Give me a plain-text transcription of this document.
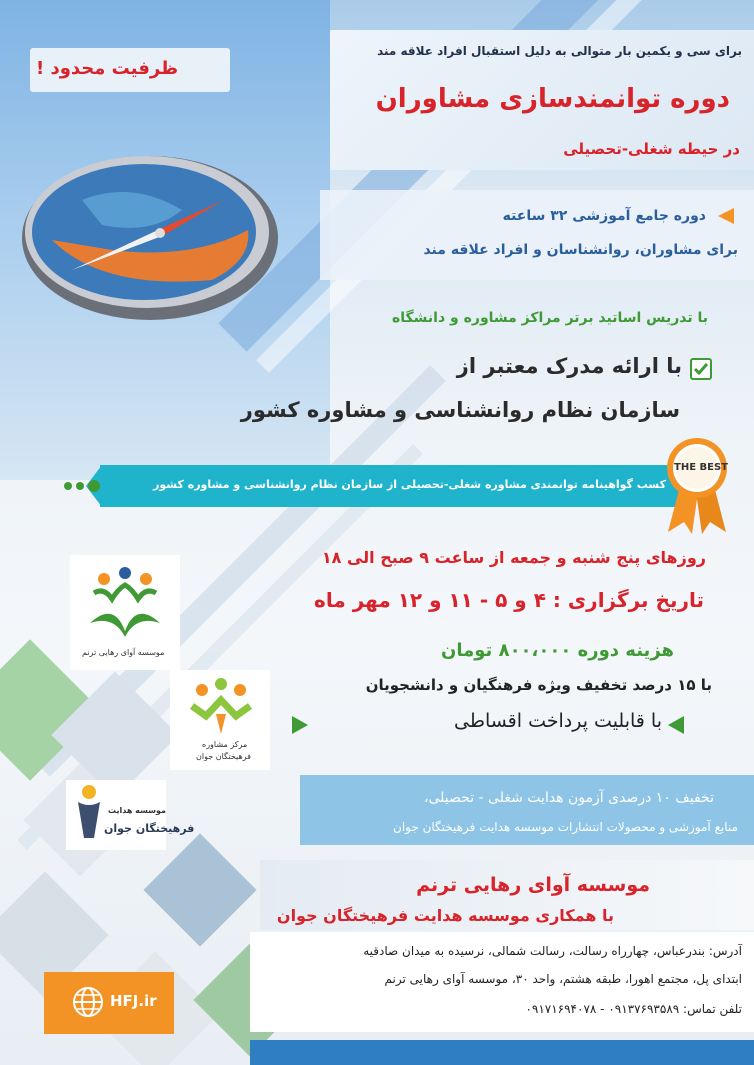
برای سی و یکمین بار متوالی به دلیل استقبال افراد علاقه مند
دوره توانمندسازی مشاوران
در حیطه شغلی-تحصیلی
ظرفیت محدود !
دوره جامع آموزشی ۳۲ ساعته
برای مشاوران، روانشناسان و افراد علاقه مند
با تدریس اساتید برتر مراکز مشاوره و دانشگاه
با ارائه مدرک معتبر از
سازمان نظام روانشناسی و مشاوره کشور
کسب گواهینامه توانمندی مشاوره شغلی-تحصیلی از سازمان نظام روانشناسی و مشاوره کشور
THE BEST
روزهای پنج شنبه و جمعه از ساعت ۹ صبح الی ۱۸
تاریخ برگزاری : ۴ و ۵ - ۱۱ و ۱۲ مهر ماه
هزینه دوره ۸۰۰،۰۰۰ تومان
با ۱۵ درصد تخفیف ویژه فرهنگیان و دانشجویان
با قابلیت پرداخت اقساطی
تخفیف ۱۰ درصدی آزمون هدایت شغلی - تحصیلی،
منابع آموزشی و محصولات انتشارات موسسه هدایت فرهیختگان جوان
موسسه آوای رهایی ترنم
با همکاری موسسه هدایت فرهیختگان جوان
آدرس: بندرعباس، چهارراه رسالت، رسالت شمالی، نرسیده به میدان صادقیه
ابتدای پل، مجتمع اهورا، طبقه هشتم، واحد ۳۰، موسسه آوای رهایی ترنم
تلفن تماس: ۰۹۱۳۷۶۹۳۵۸۹ - ۰۹۱۷۱۶۹۴۰۷۸
موسسه آوای رهایی ترنم
مرکز مشاوره
فرهیختگان جوان
موسسه هدایت
فرهیختگان جوان
HFJ.ir
